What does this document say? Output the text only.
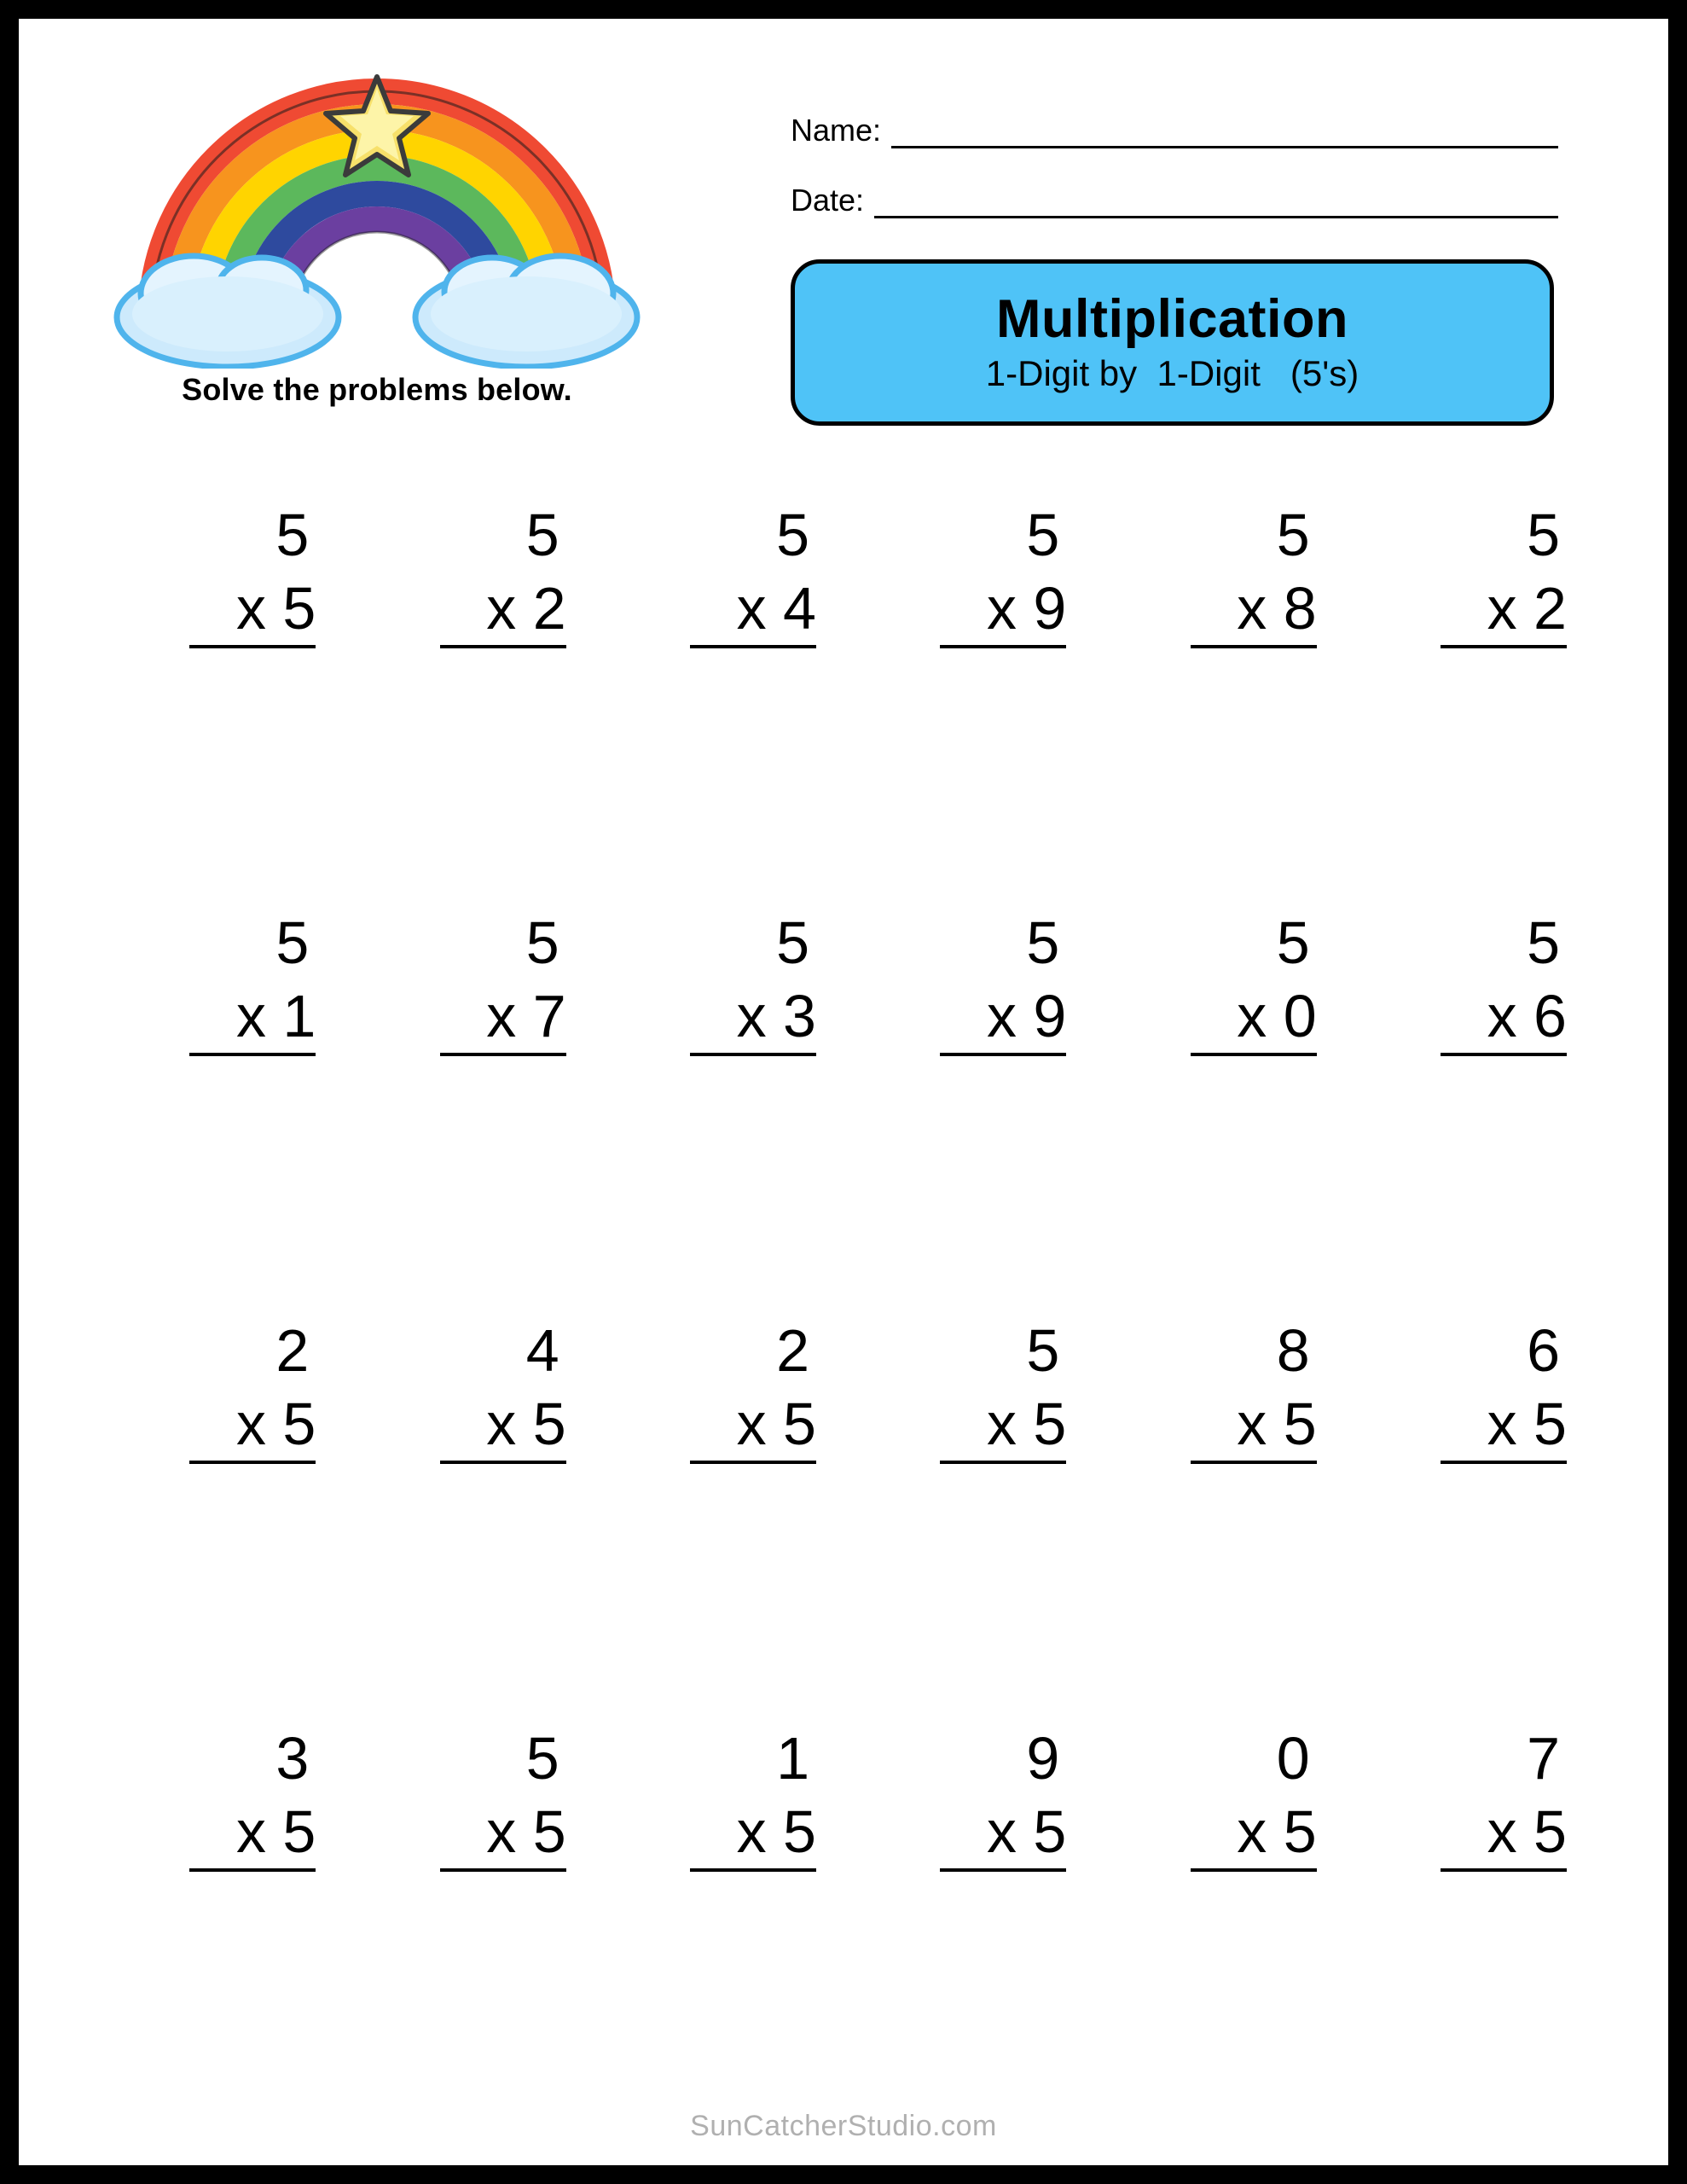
Solve the problems below.
Name:
Date:
Multiplication
1-Digit by  1-Digit   (5's)
5
x 5
5
x 2
5
x 4
5
x 9
5
x 8
5
x 2
5
x 1
5
x 7
5
x 3
5
x 9
5
x 0
5
x 6
2
x 5
4
x 5
2
x 5
5
x 5
8
x 5
6
x 5
3
x 5
5
x 5
1
x 5
9
x 5
0
x 5
7
x 5
SunCatcherStudio.com
